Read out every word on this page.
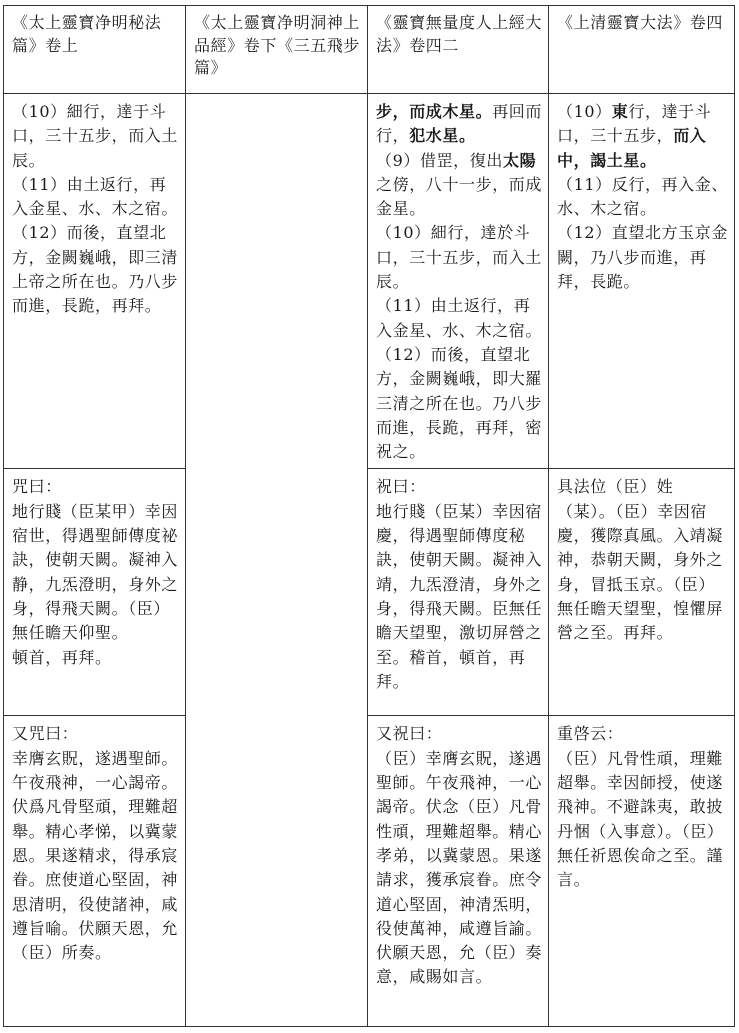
《太上靈寶净明秘法篇》卷上	《太上靈寶净明洞神上品經》卷下《三五飛步篇》	《靈寶無量度人上經大法》卷四二	《上清靈寶大法》卷四

（10）細行，達于斗口，三十五步，而入土辰。
（11）由土返行，再入金星、水、木之宿。
（12）而後，直望北方，金闕巍峨，即三清上帝之所在也。乃八步而進，長跪，再拜。		步，而成木星。再回而行，犯水星。
（9）借罡，復出太陽之傍，八十一步，而成金星。
（10）細行，達於斗口，三十五步，而入土辰。
（11）由土返行，再入金星、水、木之宿。
（12）而後，直望北方，金闕巍峨，即大羅三清之所在也。乃八步而進，長跪，再拜，密祝之。	（10）東行，達于斗口，三十五步，而入中，謁土星。
（11）反行，再入金、水、木之宿。
（12）直望北方玉京金闕，乃八步而進，再拜，長跪。

咒曰：
地行賤（臣某甲）幸因宿世，得遇聖師傳度祕訣，使朝天闕。凝神入静，九炁澄明，身外之身，得飛天闕。（臣）無任瞻天仰聖。
頓首，再拜。		祝曰：
地行賤（臣某）幸因宿慶，得遇聖師傳度秘訣，使朝天闕。凝神入靖，九炁澄清，身外之身，得飛天闕。臣無任瞻天望聖，激切屏營之至。稽首，頓首，再拜。	具法位（臣）姓（某）。（臣）幸因宿慶，獲際真風。入靖凝神，恭朝天闕，身外之身，冒抵玉京。（臣）無任瞻天望聖，惶懼屏營之至。再拜。

又咒曰：
幸膺玄貺，遂遇聖師。午夜飛神，一心謁帝。伏爲凡骨堅頑，理難超舉。精心孝悌，以冀蒙恩。果遂精求，得承宸眷。庶使道心堅固，神思清明，役使諸神，咸遵旨喻。伏願天恩，允（臣）所奏。		又祝曰：
（臣）幸膺玄貺，遂遇聖師。午夜飛神，一心謁帝。伏念（臣）凡骨性頑，理難超舉。精心孝弟，以冀蒙恩。果遂請求，獲承宸眷。庶令道心堅固，神清炁明，役使萬神，咸遵旨諭。伏願天恩，允（臣）奏意，咸賜如言。	重啓云：
（臣）凡骨性頑，理難超舉。幸因師授，使遂飛神。不避誅夷，敢披丹悃（入事意）。（臣）無任祈恩俟命之至。謹言。
